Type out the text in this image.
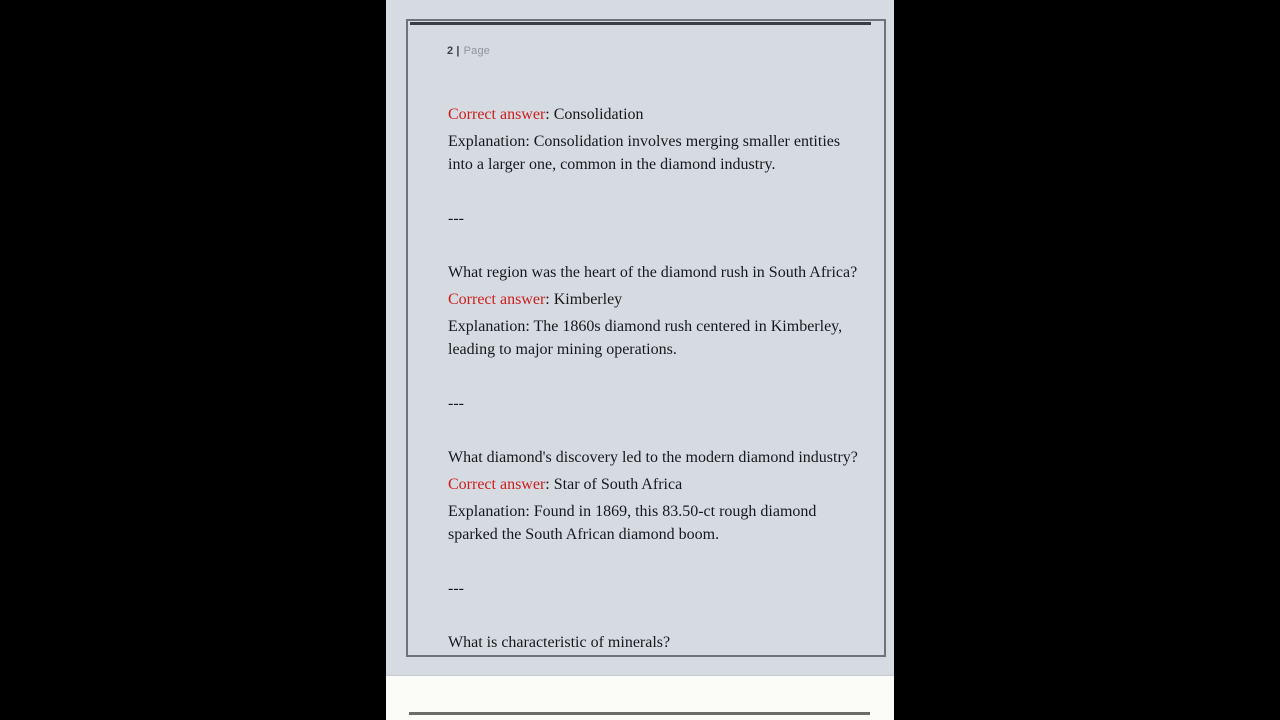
2 | Page
Correct answer: Consolidation
Explanation: Consolidation involves merging smaller entities
into a larger one, common in the diamond industry.
---
What region was the heart of the diamond rush in South Africa?
Correct answer: Kimberley
Explanation: The 1860s diamond rush centered in Kimberley,
leading to major mining operations.
---
What diamond's discovery led to the modern diamond industry?
Correct answer: Star of South Africa
Explanation: Found in 1869, this 83.50-ct rough diamond
sparked the South African diamond boom.
---
What is characteristic of minerals?
